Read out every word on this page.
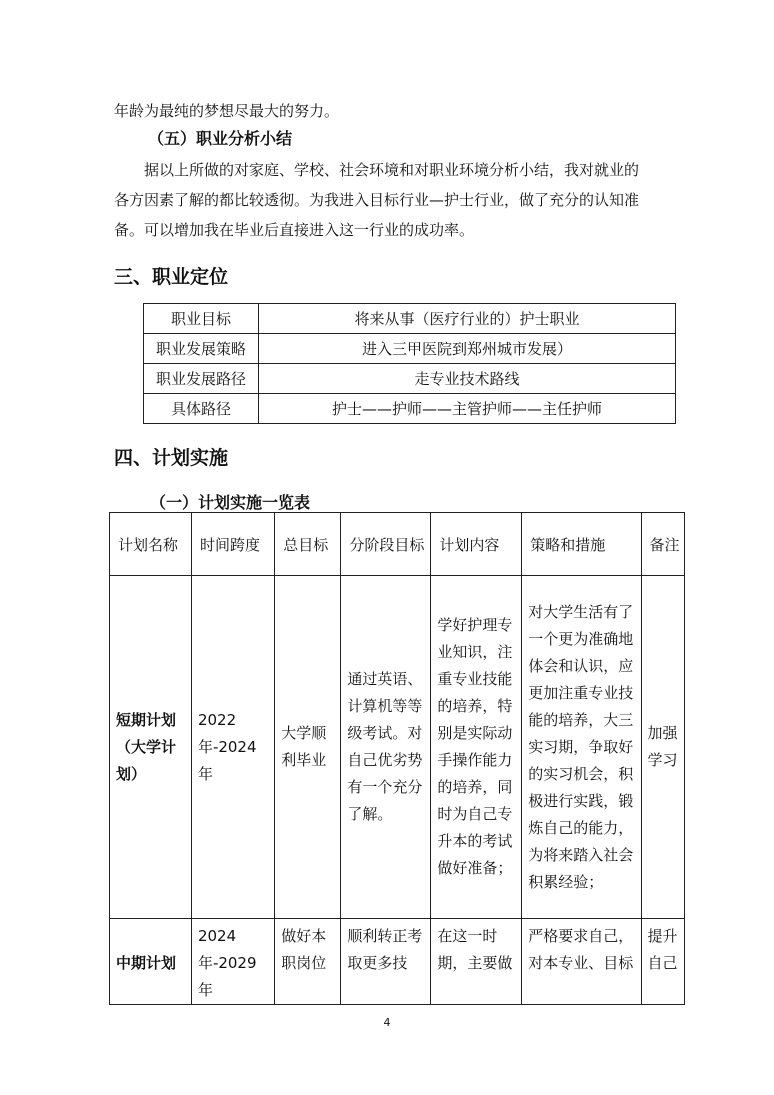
年龄为最纯的梦想尽最大的努力。

（五）职业分析小结

据以上所做的对家庭、学校、社会环境和对职业环境分析小结，我对就业的

各方因素了解的都比较透彻。为我进入目标行业—护士行业，做了充分的认知准

备。可以增加我在毕业后直接进入这一行业的成功率。

三、职业定位

职业目标	将来从事（医疗行业的）护士职业
职业发展策略	进入三甲医院到郑州城市发展）
职业发展路径	走专业技术路线
具体路径	护士——护师——主管护师——主任护师

四、计划实施

（一）计划实施一览表

计划名称	时间跨度	总目标	分阶段目标	计划内容	策略和措施	备注

短期计划（大学计划）	2022 年-2024 年	大学顺利毕业	通过英语、计算机等等级考试。对自己优劣势有一个充分了解。	学好护理专业知识，注重专业技能的培养，特别是实际动手操作能力的培养，同时为自己专升本的考试做好准备；	对大学生活有了一个更为准确地体会和认识，应更加注重专业技能的培养，大三实习期，争取好的实习机会，积极进行实践，锻炼自己的能力，为将来踏入社会积累经验；	加强学习

中期计划	2024 年-2029 年	做好本职岗位	顺利转正考取更多技	在这一时期，主要做	严格要求自己，对本专业、目标	提升自己
4
